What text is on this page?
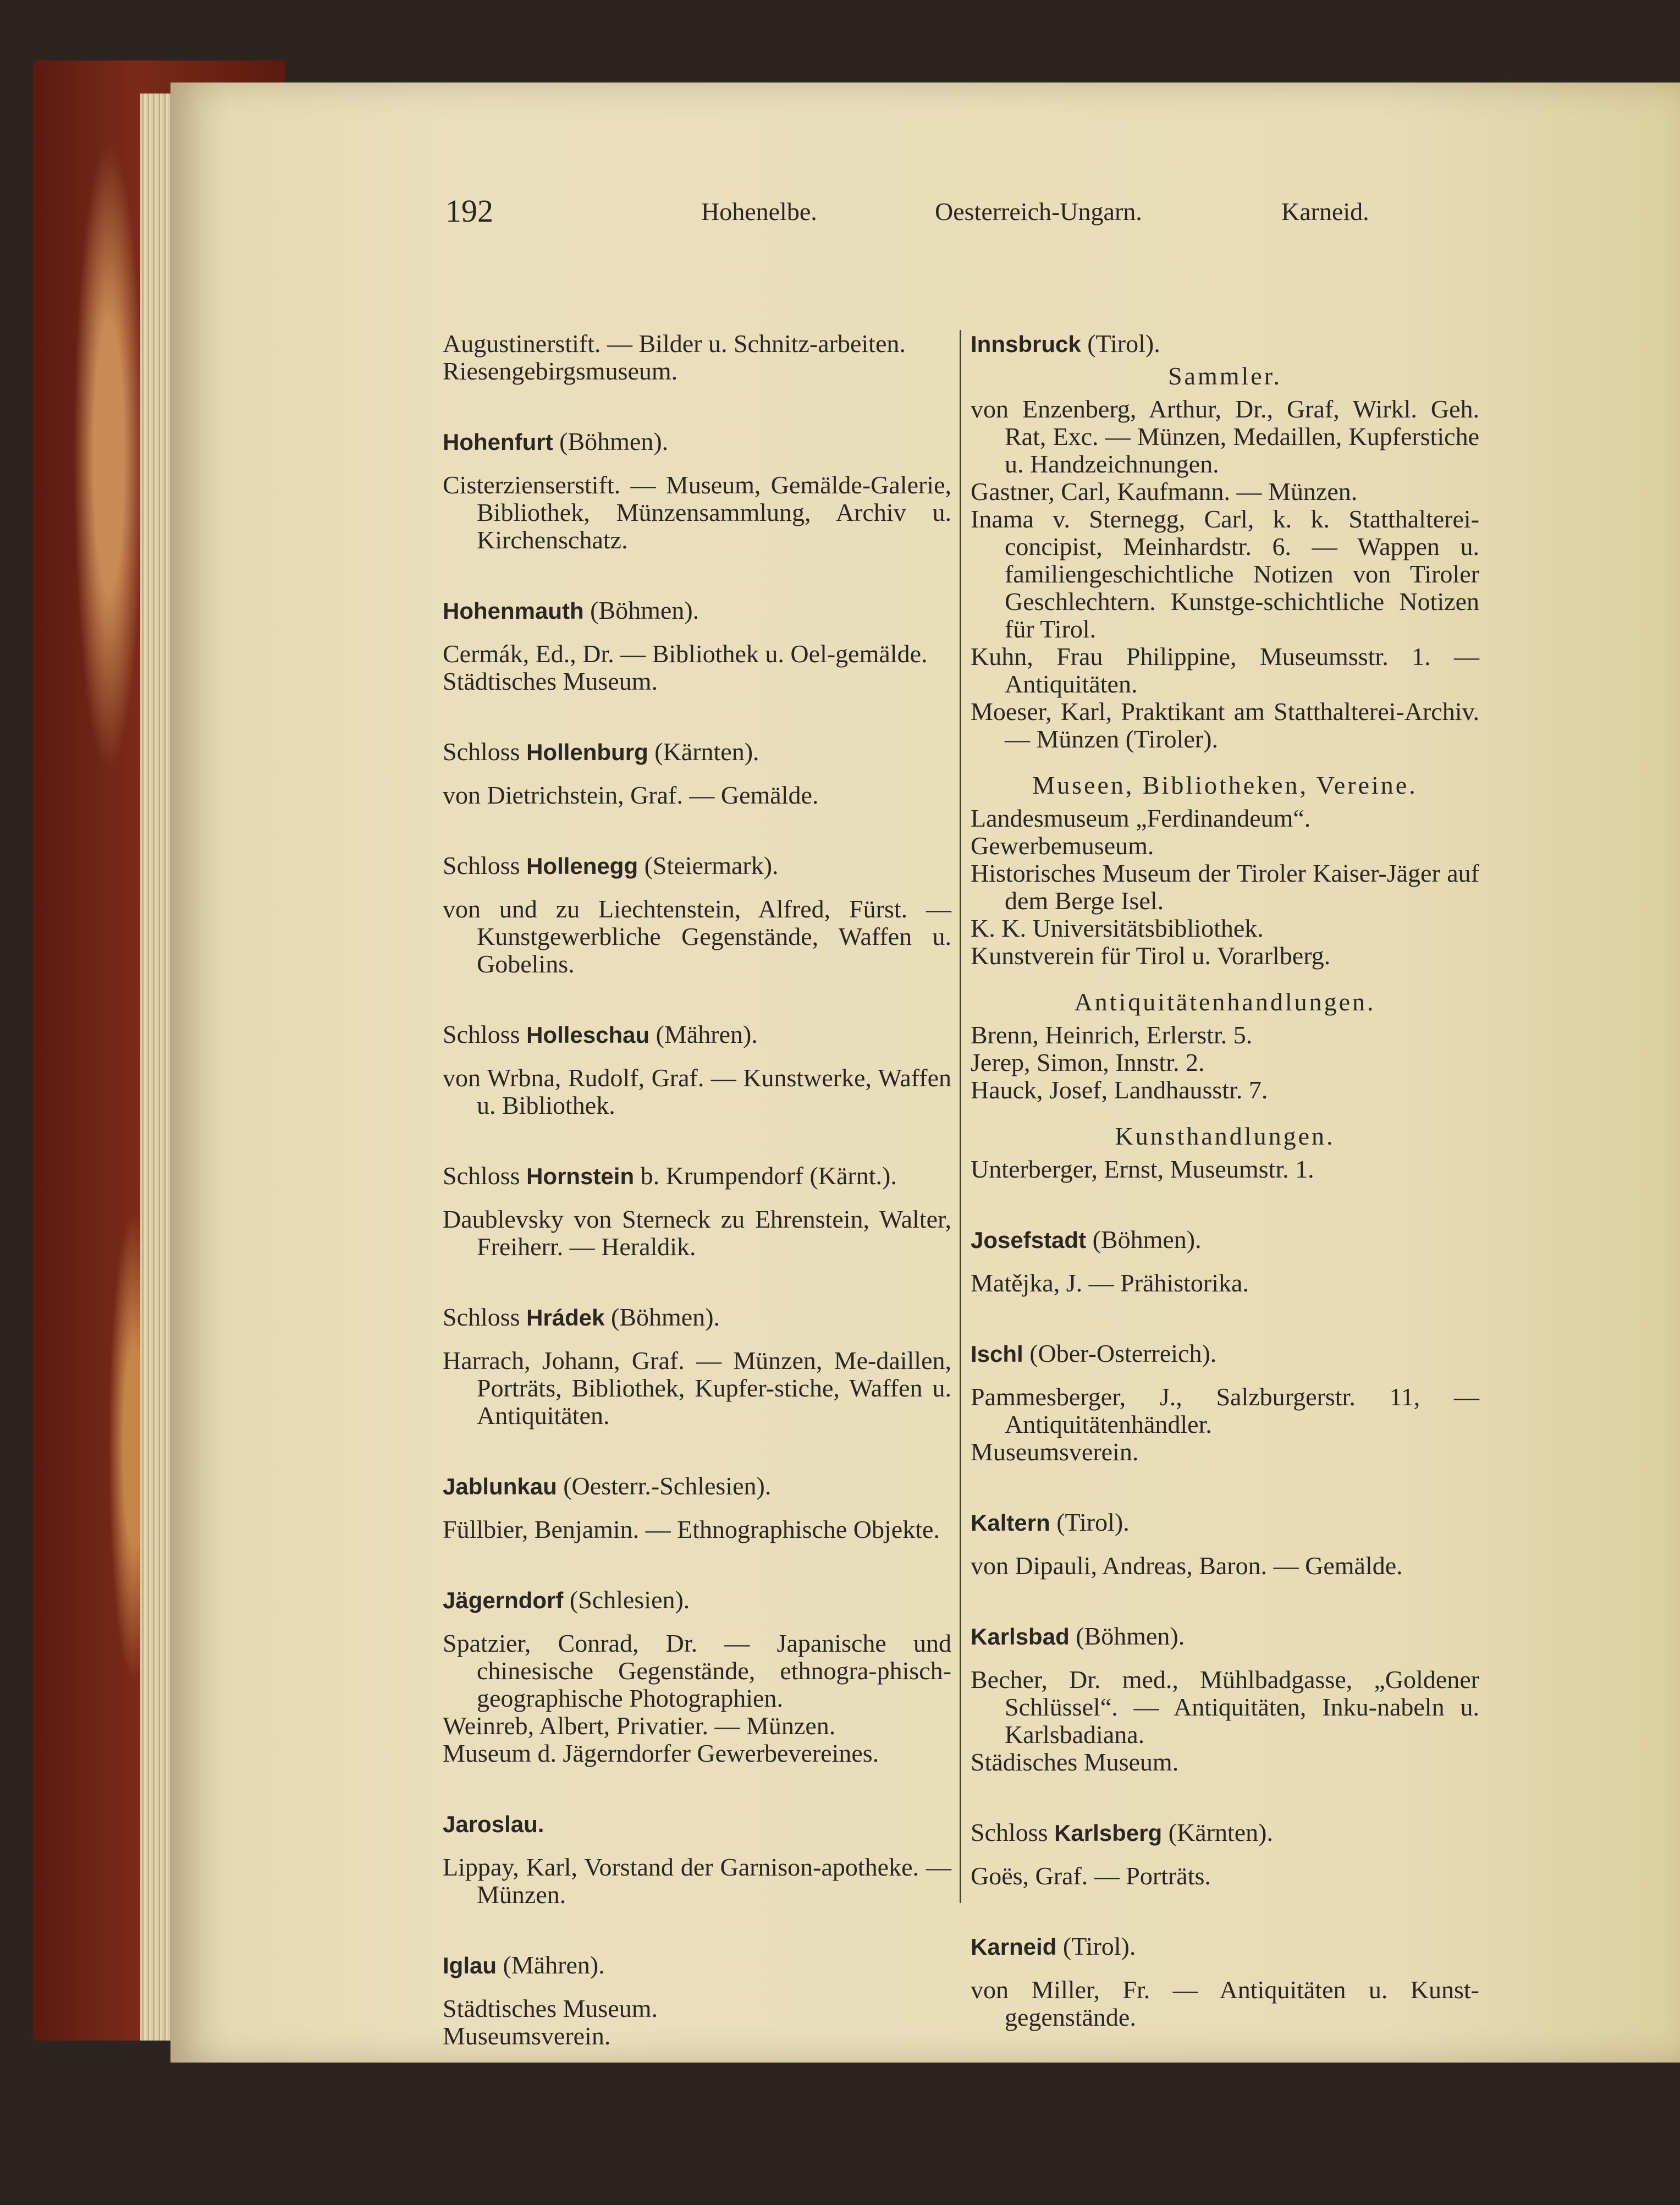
192	Hohenelbe.	Oesterreich-Ungarn.	Karneid.

Augustinerstift. — Bilder u. Schnitz-arbeiten.

Riesengebirgsmuseum.

Hohenfurt (Böhmen).

Cisterzienserstift. — Museum, Gemälde-Galerie, Bibliothek, Münzensammlung, Archiv u. Kirchenschatz.

Hohenmauth (Böhmen).

Cermák, Ed., Dr. — Bibliothek u. Oel-gemälde.

Städtisches Museum.

Schloss Hollenburg (Kärnten).

von Dietrichstein, Graf. — Gemälde.

Schloss Hollenegg (Steiermark).

von und zu Liechtenstein, Alfred, Fürst. — Kunstgewerbliche Gegenstände, Waffen u. Gobelins.

Schloss Holleschau (Mähren).

von Wrbna, Rudolf, Graf. — Kunstwerke, Waffen u. Bibliothek.

Schloss Hornstein b. Krumpendorf (Kärnt.).

Daublevsky von Sterneck zu Ehrenstein, Walter, Freiherr. — Heraldik.

Schloss Hrádek (Böhmen).

Harrach, Johann, Graf. — Münzen, Me-daillen, Porträts, Bibliothek, Kupfer-stiche, Waffen u. Antiquitäten.

Jablunkau (Oesterr.-Schlesien).

Füllbier, Benjamin. — Ethnographische Objekte.

Jägerndorf (Schlesien).

Spatzier, Conrad, Dr. — Japanische und chinesische Gegenstände, ethnogra-phisch-geographische Photographien.

Weinreb, Albert, Privatier. — Münzen.

Museum d. Jägerndorfer Gewerbevereines.

Jaroslau.

Lippay, Karl, Vorstand der Garnison-apotheke. — Münzen.

Iglau (Mähren).

Städtisches Museum.

Museumsverein.

Innsbruck (Tirol).
Sammler.

von Enzenberg, Arthur, Dr., Graf, Wirkl. Geh. Rat, Exc. — Münzen, Medaillen, Kupferstiche u. Handzeichnungen.

Gastner, Carl, Kaufmann. — Münzen.

Inama v. Sternegg, Carl, k. k. Statthalterei-concipist, Meinhardstr. 6. — Wappen u. familiengeschichtliche Notizen von Tiroler Geschlechtern. Kunstge-schichtliche Notizen für Tirol.

Kuhn, Frau Philippine, Museumsstr. 1. — Antiquitäten.

Moeser, Karl, Praktikant am Statthalterei-Archiv. — Münzen (Tiroler).

Museen, Bibliotheken, Vereine.

Landesmuseum „Ferdinandeum“.

Gewerbemuseum.

Historisches Museum der Tiroler Kaiser-Jäger auf dem Berge Isel.

K. K. Universitätsbibliothek.

Kunstverein für Tirol u. Vorarlberg.

Antiquitätenhandlungen.

Brenn, Heinrich, Erlerstr. 5.

Jerep, Simon, Innstr. 2.

Hauck, Josef, Landhausstr. 7.

Kunsthandlungen.

Unterberger, Ernst, Museumstr. 1.

Josefstadt (Böhmen).

Matějka, J. — Prähistorika.

Ischl (Ober-Osterreich).

Pammesberger, J., Salzburgerstr. 11, — Antiquitätenhändler.

Museumsverein.

Kaltern (Tirol).

von Dipauli, Andreas, Baron. — Gemälde.

Karlsbad (Böhmen).

Becher, Dr. med., Mühlbadgasse, „Goldener Schlüssel“. — Antiquitäten, Inku-nabeln u. Karlsbadiana.

Städisches Museum.

Schloss Karlsberg (Kärnten).

Goës, Graf. — Porträts.

Karneid (Tirol).

von Miller, Fr. — Antiquitäten u. Kunst-gegenstände.
